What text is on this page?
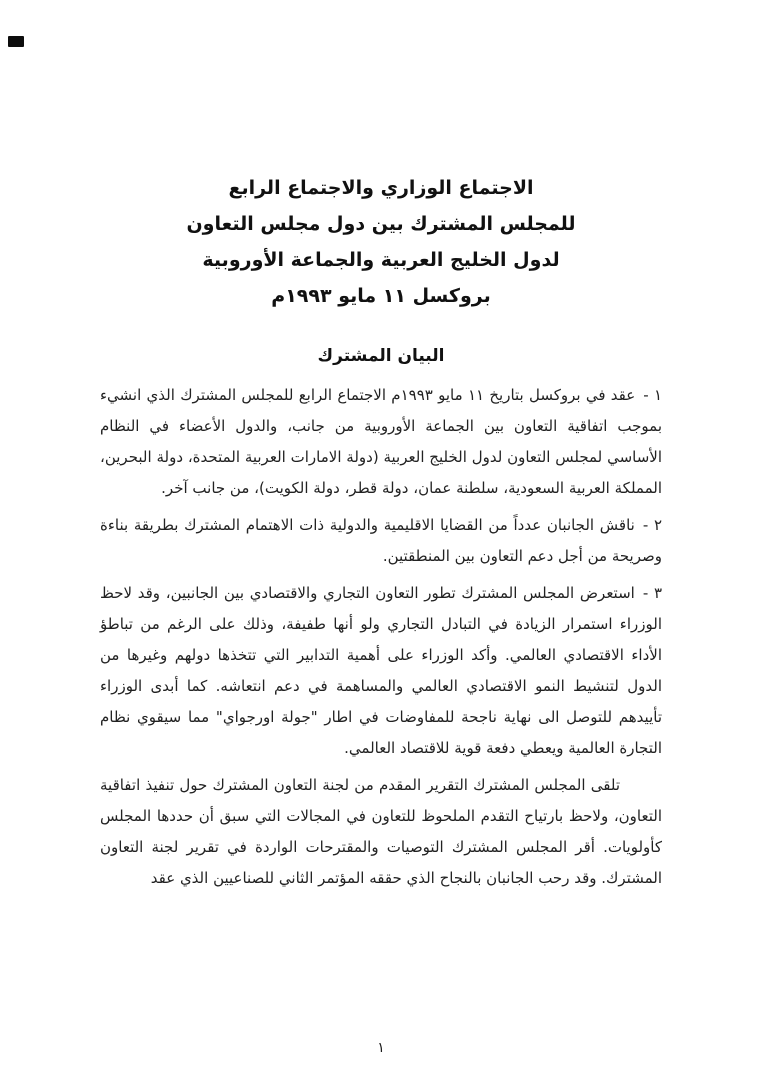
الاجتماع الوزاري والاجتماع الرابع
للمجلس المشترك بين دول مجلس التعاون
لدول الخليج العربية والجماعة الأوروبية
بروكسل ١١ مايو ١٩٩٣م
البيان المشترك

١ -عقد في بروكسل بتاريخ ١١ مايو ١٩٩٣م الاجتماع الرابع للمجلس المشترك الذي انشيء بموجب اتفاقية التعاون بين الجماعة الأوروبية من جانب، والدول الأعضاء في النظام الأساسي لمجلس التعاون لدول الخليج العربية (دولة الامارات العربية المتحدة، دولة البحرين، المملكة العربية السعودية، سلطنة عمان، دولة قطر، دولة الكويت)، من جانب آخر.

٢ -ناقش الجانبان عدداً من القضايا الاقليمية والدولية ذات الاهتمام المشترك بطريقة بناءة وصريحة من أجل دعم التعاون بين المنطقتين.

٣ -استعرض المجلس المشترك تطور التعاون التجاري والاقتصادي بين الجانبين، وقد لاحظ الوزراء استمرار الزيادة في التبادل التجاري ولو أنها طفيفة، وذلك على الرغم من تباطؤ الأداء الاقتصادي العالمي. وأكد الوزراء على أهمية التدابير التي تتخذها دولهم وغيرها من الدول لتنشيط النمو الاقتصادي العالمي والمساهمة في دعم انتعاشه. كما أبدى الوزراء تأييدهم للتوصل الى نهاية ناجحة للمفاوضات في اطار "جولة اورجواي" مما سيقوي نظام التجارة العالمية ويعطي دفعة قوية للاقتصاد العالمي.

تلقى المجلس المشترك التقرير المقدم من لجنة التعاون المشترك حول تنفيذ اتفاقية التعاون، ولاحظ بارتياح التقدم الملحوظ للتعاون في المجالات التي سبق أن حددها المجلس كأولويات. أقر المجلس المشترك التوصيات والمقترحات الواردة في تقرير لجنة التعاون المشترك. وقد رحب الجانبان بالنجاح الذي حققه المؤتمر الثاني للصناعيين الذي عقد

١
